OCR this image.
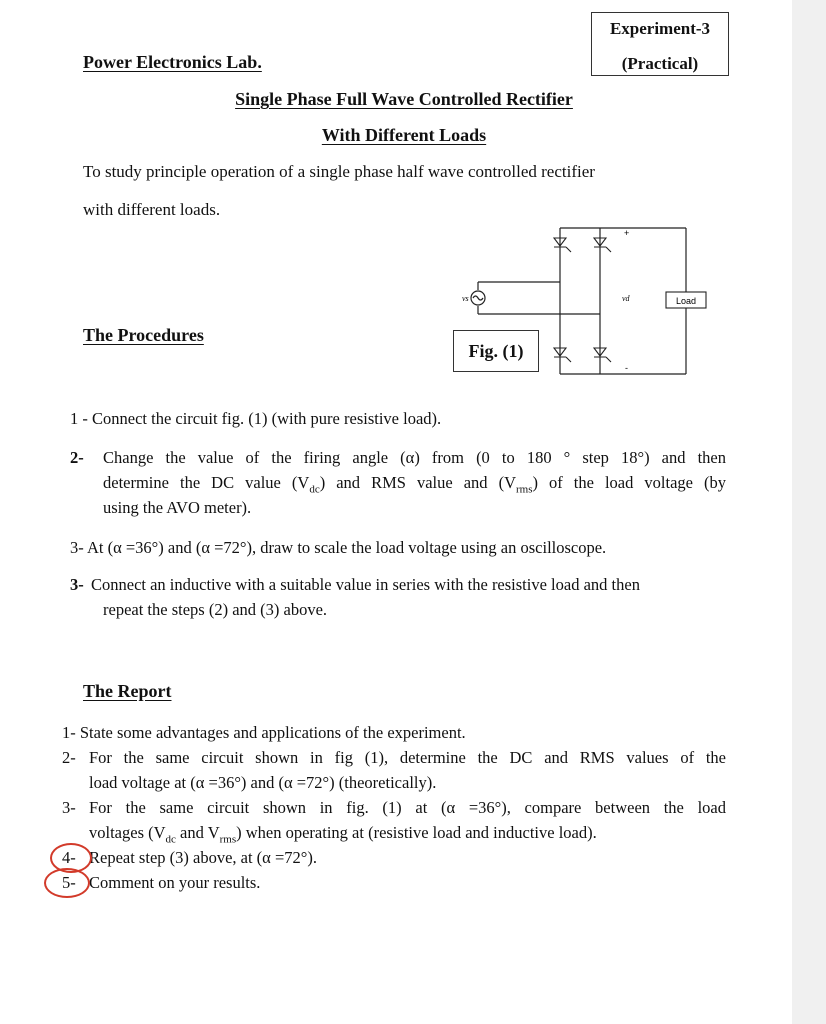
Experiment-3
(Practical)
Power Electronics Lab.
Single Phase Full Wave Controlled Rectifier
With Different Loads
To study principle operation of a single phase half wave controlled rectifier
with different loads.
The Procedures
Load
vs	vd
+
-
Fig. (1)
1 - Connect the circuit fig. (1) (with pure resistive load).
2- Change the value of the firing angle (α) from (0 to 180 ° step 18°) and then
determine the DC value $(V_{dc})$ and RMS value and $(V_{rms})$ of the load voltage (by
using the AVO meter).
3- At (α =36°) and (α =72°), draw to scale the load voltage using an oscilloscope.
3- Connect an inductive with a suitable value in series with the resistive load and then
repeat the steps (2) and (3) above.
The Report
1- State some advantages and applications of the experiment.
2- For the same circuit shown in fig (1), determine the DC and RMS values of the
load voltage at (α =36°) and (α =72°) (theoretically).
3- For the same circuit shown in fig. (1) at (α =36°), compare between the load
voltages ($V_{dc}$ and $V_{rms}$) when operating at (resistive load and inductive load).
4- Repeat step (3) above, at (α =72°).
5- Comment on your results.
